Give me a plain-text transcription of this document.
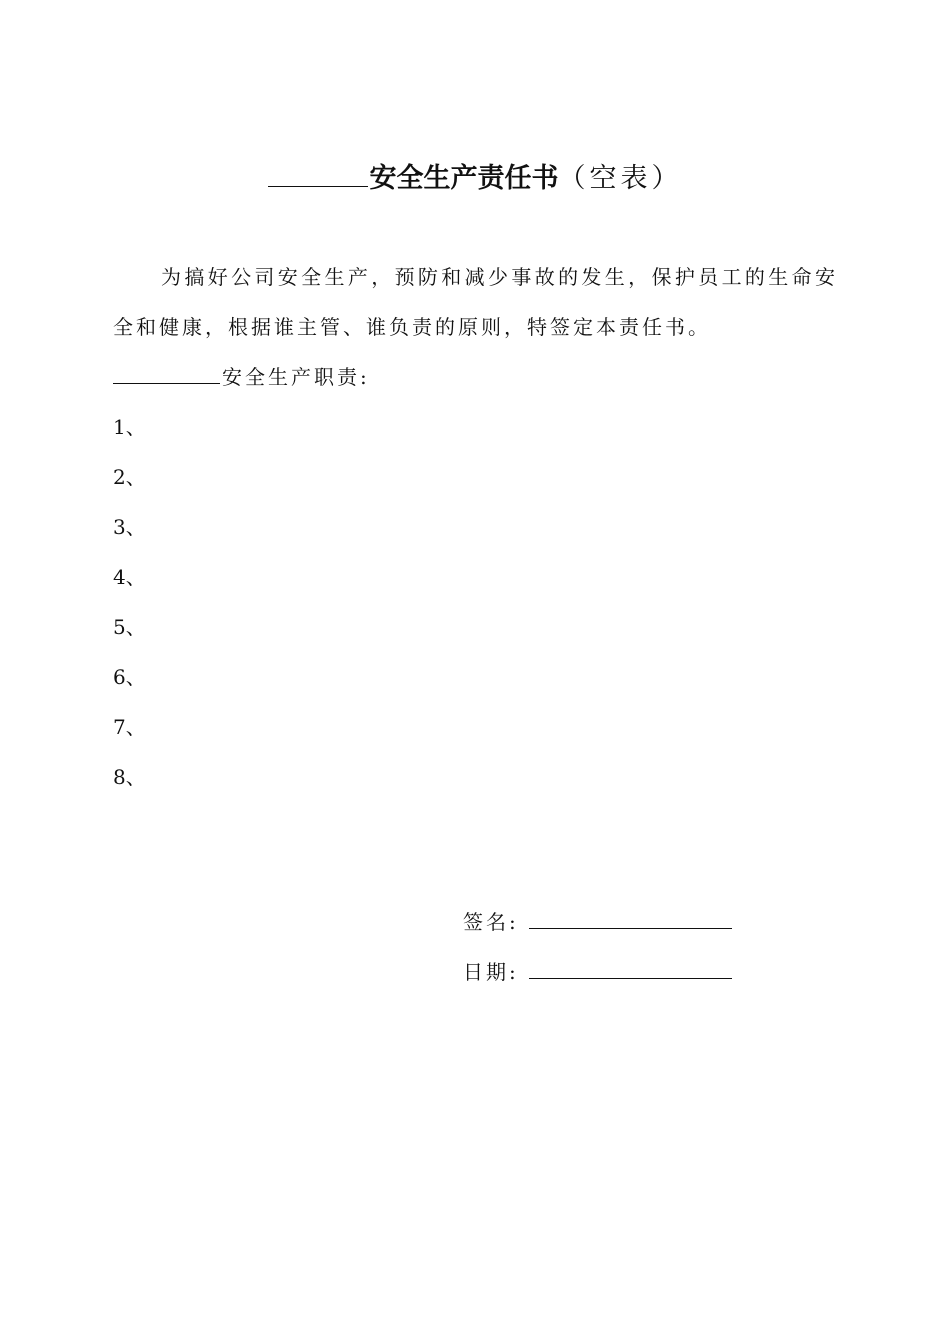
安全生产责任书（空表）
为搞好公司安全生产，预防和减少事故的发生，保护员工的生命安全和健康，根据谁主管、谁负责的原则，特签定本责任书。
安全生产职责:
1、
2、
3、
4、
5、
6、
7、
8、
签名:
日期:
